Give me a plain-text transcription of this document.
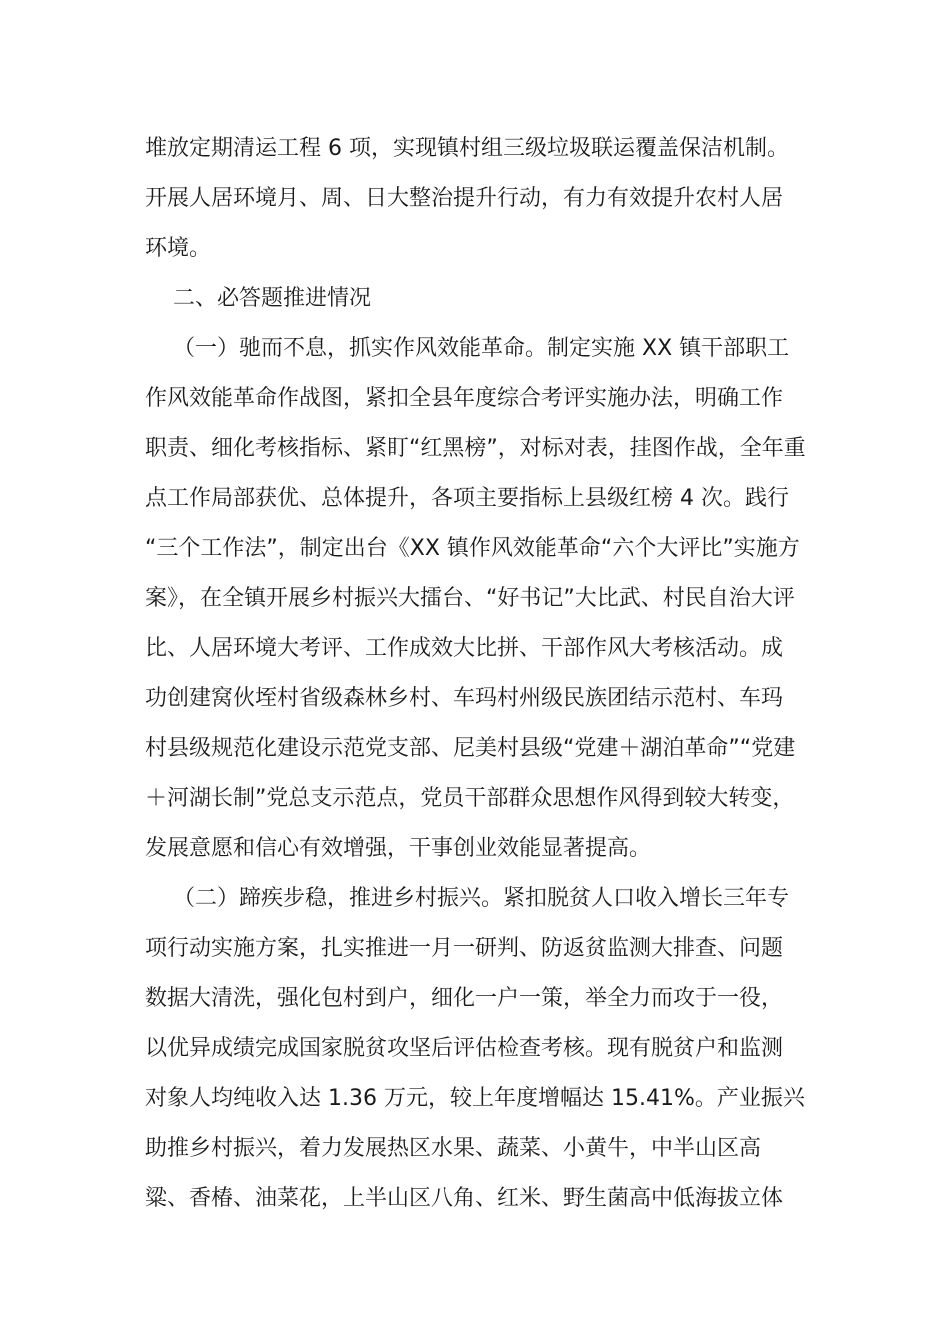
堆放定期清运工程 6 项，实现镇村组三级垃圾联运覆盖保洁机制。
开展人居环境月、周、日大整治提升行动，有力有效提升农村人居
环境。
二、必答题推进情况
（一）驰而不息，抓实作风效能革命。制定实施 XX 镇干部职工
作风效能革命作战图，紧扣全县年度综合考评实施办法，明确工作
职责、细化考核指标、紧盯“红黑榜”，对标对表，挂图作战，全年重
点工作局部获优、总体提升，各项主要指标上县级红榜 4 次。践行
“三个工作法”，制定出台《XX 镇作风效能革命“六个大评比”实施方
案》，在全镇开展乡村振兴大擂台、“好书记”大比武、村民自治大评
比、人居环境大考评、工作成效大比拼、干部作风大考核活动。成
功创建窝伙垤村省级森林乡村、车玛村州级民族团结示范村、车玛
村县级规范化建设示范党支部、尼美村县级“党建＋湖泊革命”“党建
＋河湖长制”党总支示范点，党员干部群众思想作风得到较大转变，
发展意愿和信心有效增强，干事创业效能显著提高。
（二）蹄疾步稳，推进乡村振兴。紧扣脱贫人口收入增长三年专
项行动实施方案，扎实推进一月一研判、防返贫监测大排查、问题
数据大清洗，强化包村到户，细化一户一策，举全力而攻于一役，
以优异成绩完成国家脱贫攻坚后评估检查考核。现有脱贫户和监测
对象人均纯收入达 1.36 万元，较上年度增幅达 15.41%。产业振兴
助推乡村振兴，着力发展热区水果、蔬菜、小黄牛，中半山区高
粱、香椿、油菜花，上半山区八角、红米、野生菌高中低海拔立体
